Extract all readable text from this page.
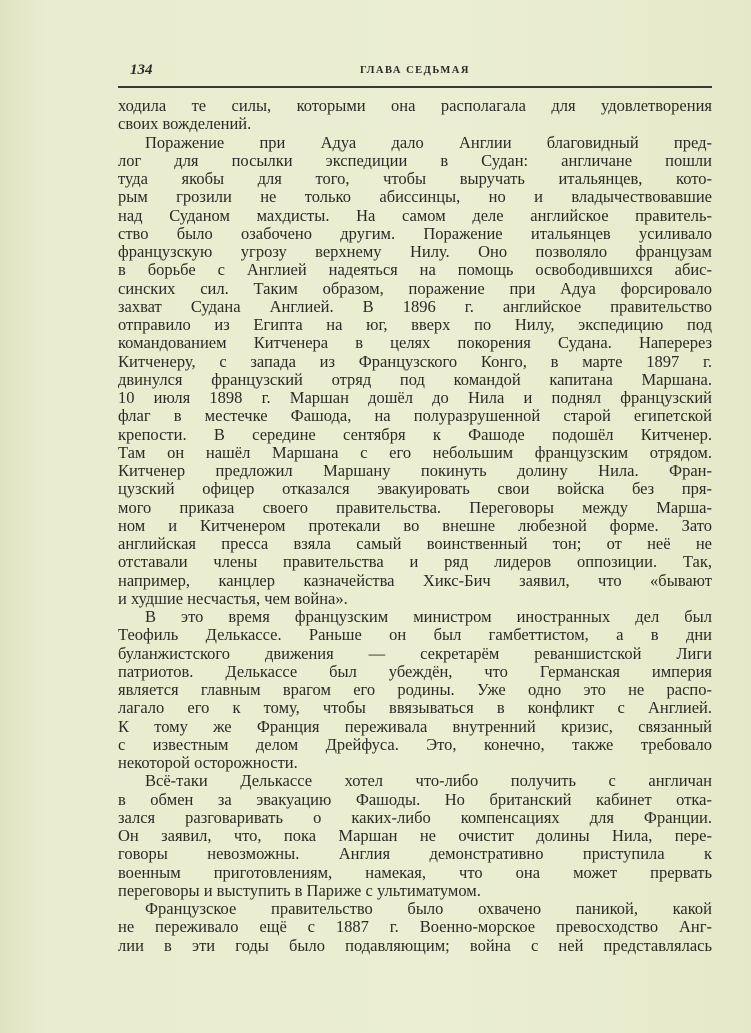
134	ГЛАВА СЕДЬМАЯ
ходила те силы, которыми она располагала для удовлетворения
своих вожделений.
Поражение при Адуа дало Англии благовидный пред-
лог для посылки экспедиции в Судан: англичане пошли
туда якобы для того, чтобы выручать итальянцев, кото-
рым грозили не только абиссинцы, но и владычествовавшие
над Суданом махдисты. На самом деле английское правитель-
ство было озабочено другим. Поражение итальянцев усиливало
французскую угрозу верхнему Нилу. Оно позволяло французам
в борьбе с Англией надеяться на помощь освободившихся абис-
синских сил. Таким образом, поражение при Адуа форсировало
захват Судана Англией. В 1896 г. английское правительство
отправило из Египта на юг, вверх по Нилу, экспедицию под
командованием Китченера в целях покорения Судана. Наперерез
Китченеру, с запада из Французского Конго, в марте 1897 г.
двинулся французский отряд под командой капитана Маршана.
10 июля 1898 г. Маршан дошёл до Нила и поднял французский
флаг в местечке Фашода, на полуразрушенной старой египетской
крепости. В середине сентября к Фашоде подошёл Китченер.
Там он нашёл Маршана с его небольшим французским отрядом.
Китченер предложил Маршану покинуть долину Нила. Фран-
цузский офицер отказался эвакуировать свои войска без пря-
мого приказа своего правительства. Переговоры между Марша-
ном и Китченером протекали во внешне любезной форме. Зато
английская пресса взяла самый воинственный тон; от неё не
отставали члены правительства и ряд лидеров оппозиции. Так,
например, канцлер казначейства Хикс-Бич заявил, что «бывают
и худшие несчастья, чем война».
В это время французским министром иностранных дел был
Теофиль Делькассе. Раньше он был гамбеттистом, а в дни
буланжистского движения — секретарём реваншистской Лиги
патриотов. Делькассе был убеждён, что Германская империя
является главным врагом его родины. Уже одно это не распо-
лагало его к тому, чтобы ввязываться в конфликт с Англией.
К тому же Франция переживала внутренний кризис, связанный
с известным делом Дрейфуса. Это, конечно, также требовало
некоторой осторожности.
Всё-таки Делькассе хотел что-либо получить с англичан
в обмен за эвакуацию Фашоды. Но британский кабинет отка-
зался разговаривать о каких-либо компенсациях для Франции.
Он заявил, что, пока Маршан не очистит долины Нила, пере-
говоры невозможны. Англия демонстративно приступила к
военным приготовлениям, намекая, что она может прервать
переговоры и выступить в Париже с ультиматумом.
Французское правительство было охвачено паникой, какой
не переживало ещё с 1887 г. Военно-морское превосходство Анг-
лии в эти годы было подавляющим; война с ней представлялась
